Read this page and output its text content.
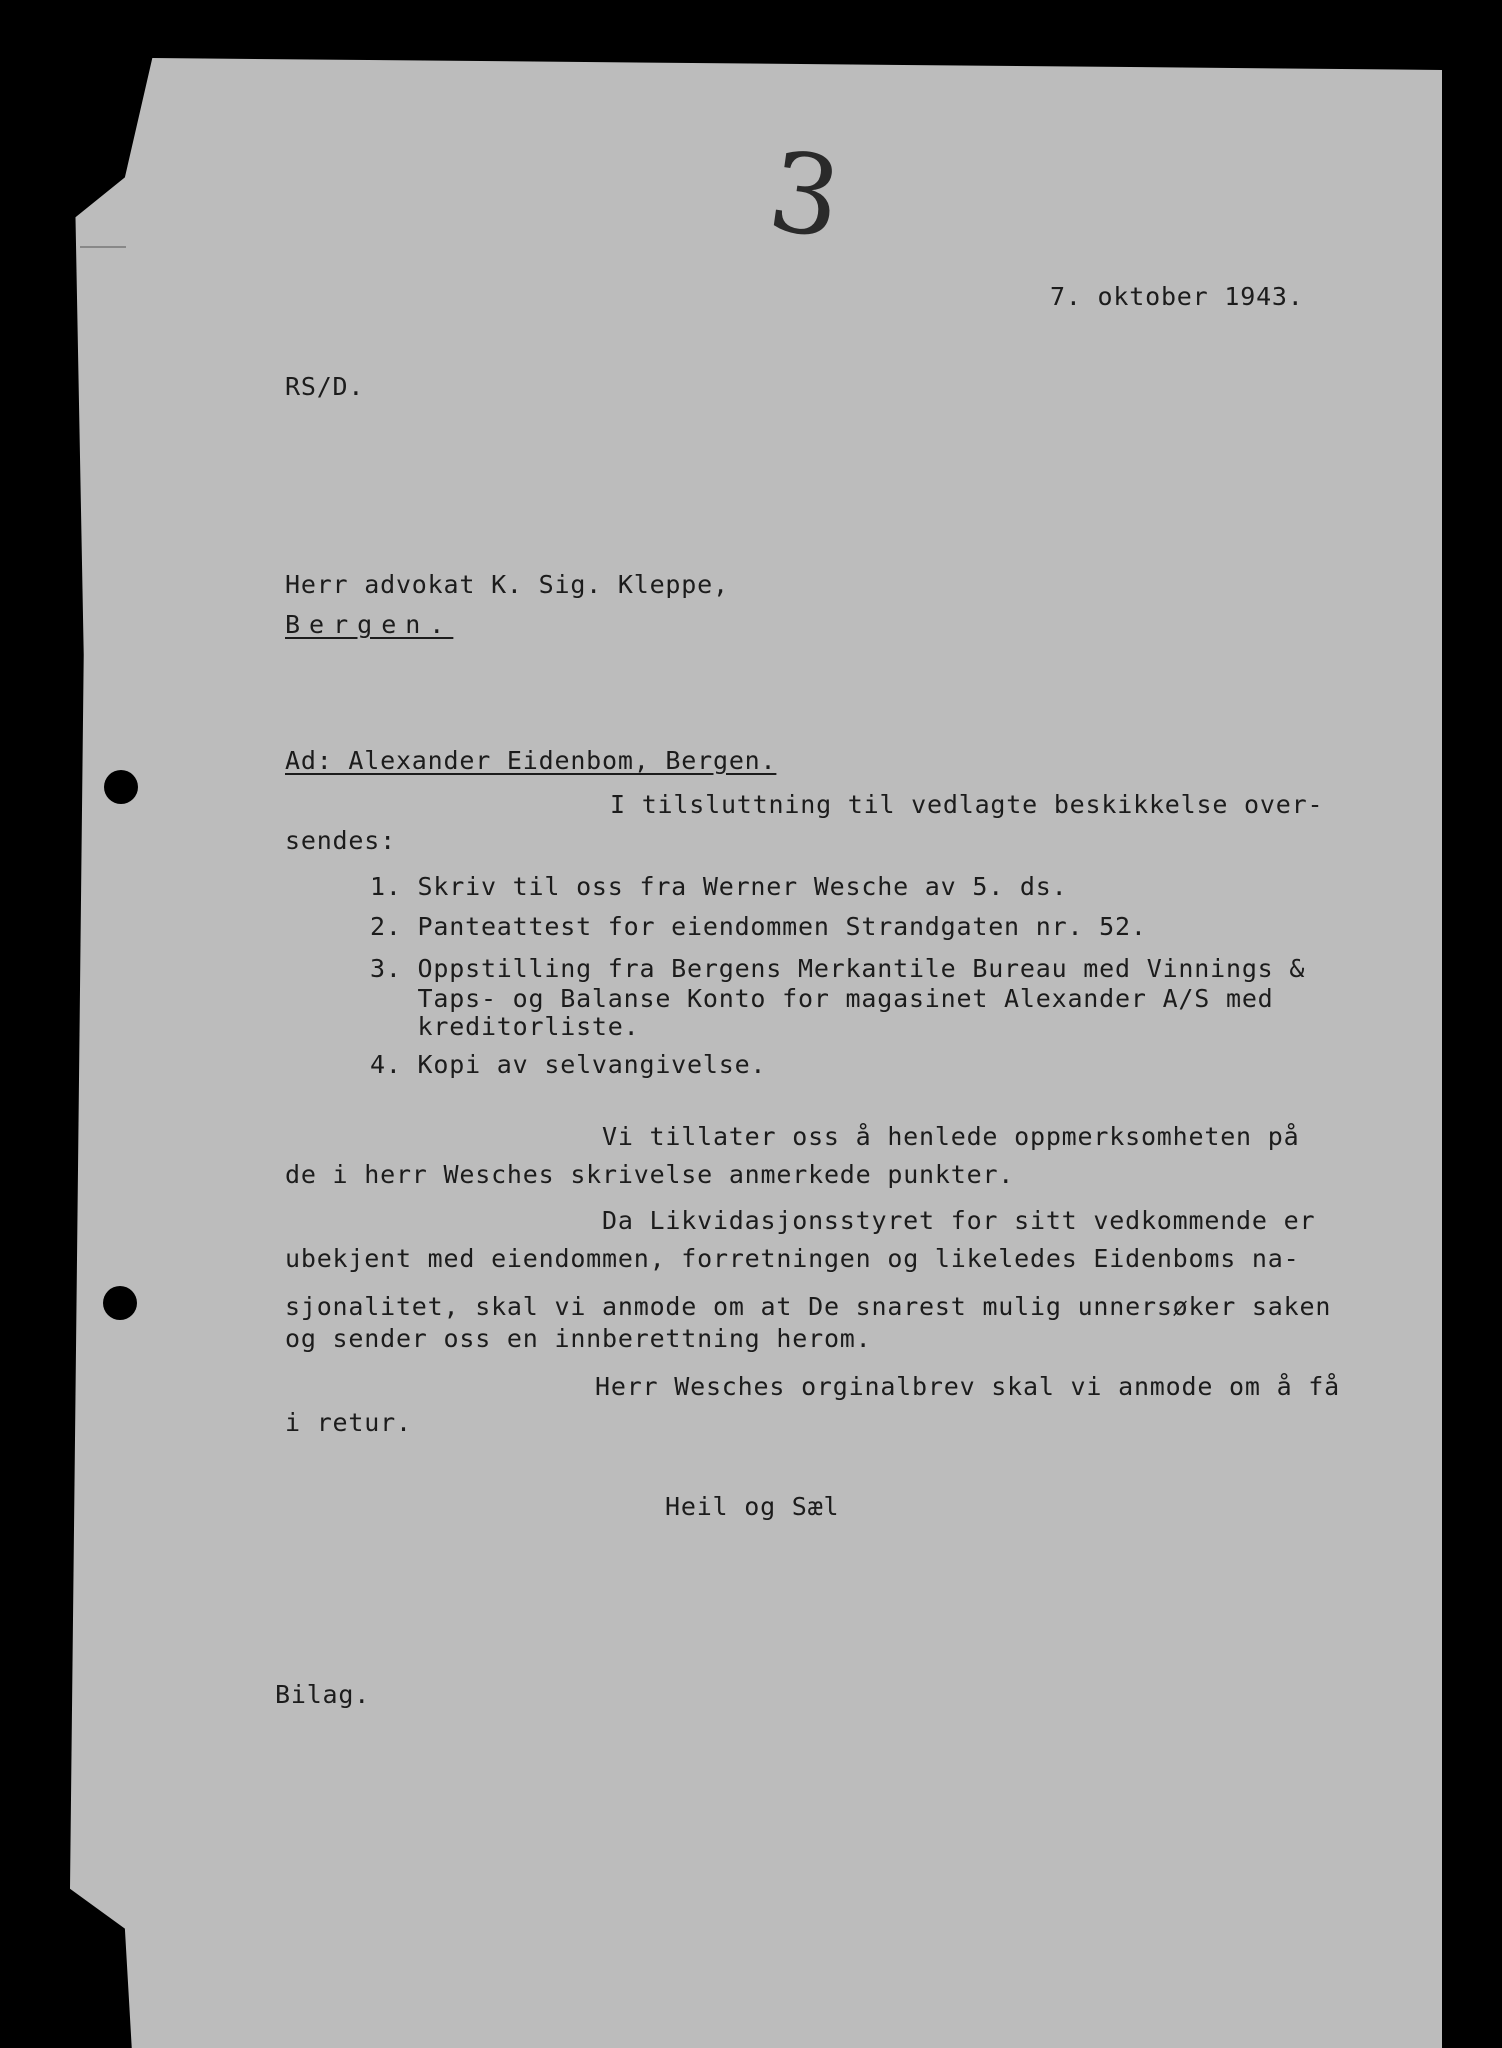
3
7. oktober 1943.
RS/D.
Herr advokat K. Sig. Kleppe,
Bergen.
Ad: Alexander Eidenbom, Bergen.
I tilsluttning til vedlagte beskikkelse over-
sendes:
1. Skriv til oss fra Werner Wesche av 5. ds.
2. Panteattest for eiendommen Strandgaten nr. 52.
3. Oppstilling fra Bergens Merkantile Bureau med Vinnings &
Taps- og Balanse Konto for magasinet Alexander A/S med
kreditorliste.
4. Kopi av selvangivelse.
Vi tillater oss å henlede oppmerksomheten på
de i herr Wesches skrivelse anmerkede punkter.
Da Likvidasjonsstyret for sitt vedkommende er
ubekjent med eiendommen, forretningen og likeledes Eidenboms na-
sjonalitet, skal vi anmode om at De snarest mulig unnersøker saken
og sender oss en innberettning herom.
Herr Wesches orginalbrev skal vi anmode om å få
i retur.
Heil og Sæl
Bilag.
